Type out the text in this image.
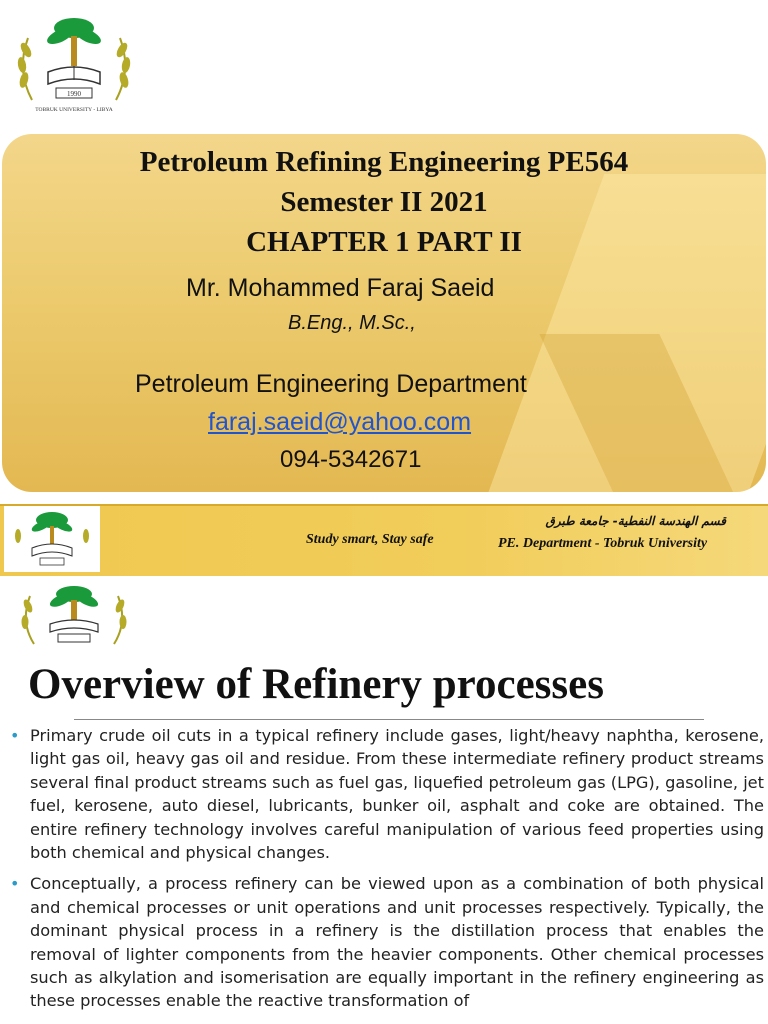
1990
TOBRUK UNIVERSITY - LIBYA
Petroleum Refining Engineering PE564
Semester II 2021
CHAPTER 1 PART II
Mr. Mohammed Faraj Saeid
B.Eng., M.Sc.,
Petroleum Engineering Department
faraj.saeid@yahoo.com
094-5342671
Study smart, Stay safe
قسم الهندسة النفطية- جامعة طبرق
PE. Department - Tobruk University
Overview of Refinery processes
• Primary crude oil cuts in a typical refinery include gases, light/heavy naphtha, kerosene, light gas oil, heavy gas oil and residue. From these intermediate refinery product streams several final product streams such as fuel gas, liquefied petroleum gas (LPG), gasoline, jet fuel, kerosene, auto diesel, lubricants, bunker oil, asphalt and coke are obtained. The entire refinery technology involves careful manipulation of various feed properties using both chemical and physical changes.
• Conceptually, a process refinery can be viewed upon as a combination of both physical and chemical processes or unit operations and unit processes respectively. Typically, the dominant physical process in a refinery is the distillation process that enables the removal of lighter components from the heavier components. Other chemical processes such as alkylation and isomerisation are equally important in the refinery engineering as these processes enable the reactive transformation of
